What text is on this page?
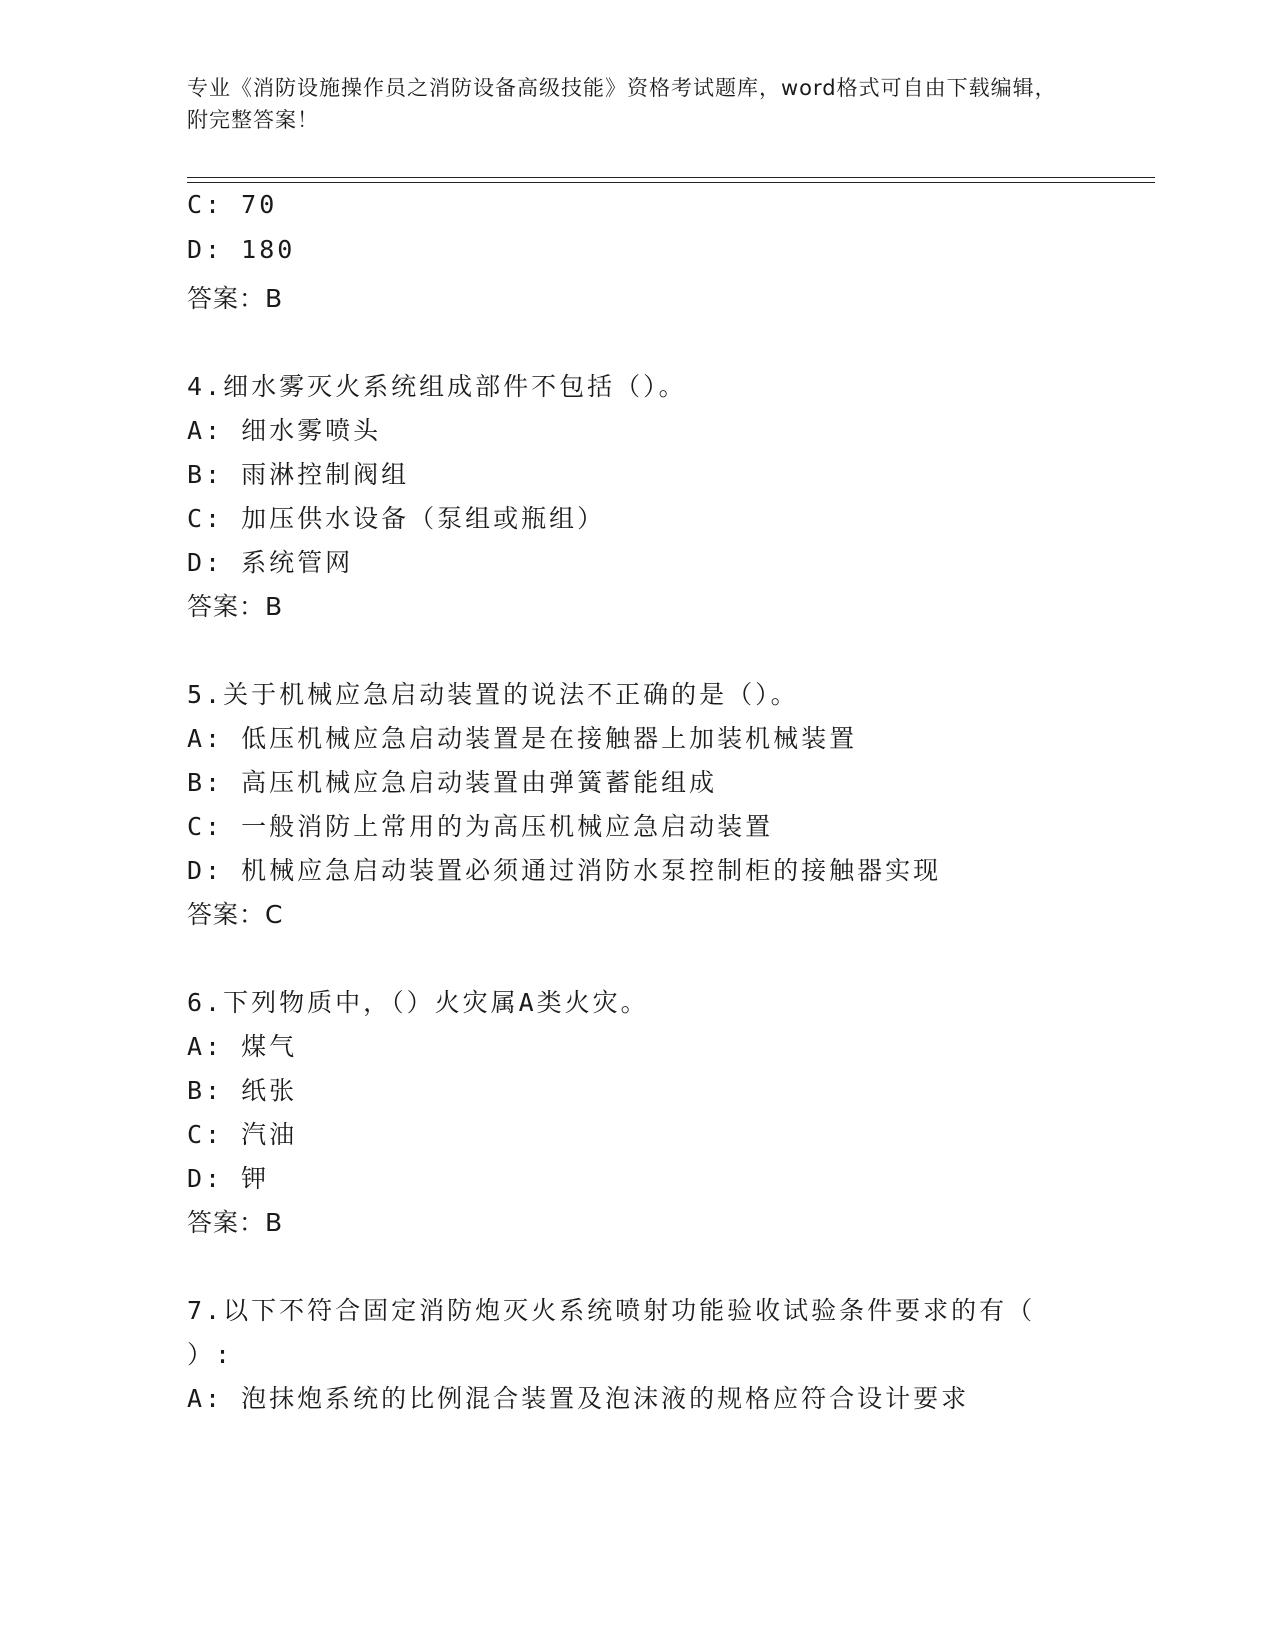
专业《消防设施操作员之消防设备高级技能》资格考试题库，word格式可自由下载编辑，附完整答案！
C: 70
D: 180
答案：B
4.细水雾灭火系统组成部件不包括（）。
A: 细水雾喷头
B: 雨淋控制阀组
C: 加压供水设备（泵组或瓶组）
D: 系统管网
答案：B
5.关于机械应急启动装置的说法不正确的是（）。
A: 低压机械应急启动装置是在接触器上加装机械装置
B: 高压机械应急启动装置由弹簧蓄能组成
C: 一般消防上常用的为高压机械应急启动装置
D: 机械应急启动装置必须通过消防水泵控制柜的接触器实现
答案：C
6.下列物质中，（）火灾属A类火灾。
A: 煤气
B: 纸张
C: 汽油
D: 钾
答案：B
7.以下不符合固定消防炮灭火系统喷射功能验收试验条件要求的有（
）:
A: 泡抹炮系统的比例混合装置及泡沫液的规格应符合设计要求
